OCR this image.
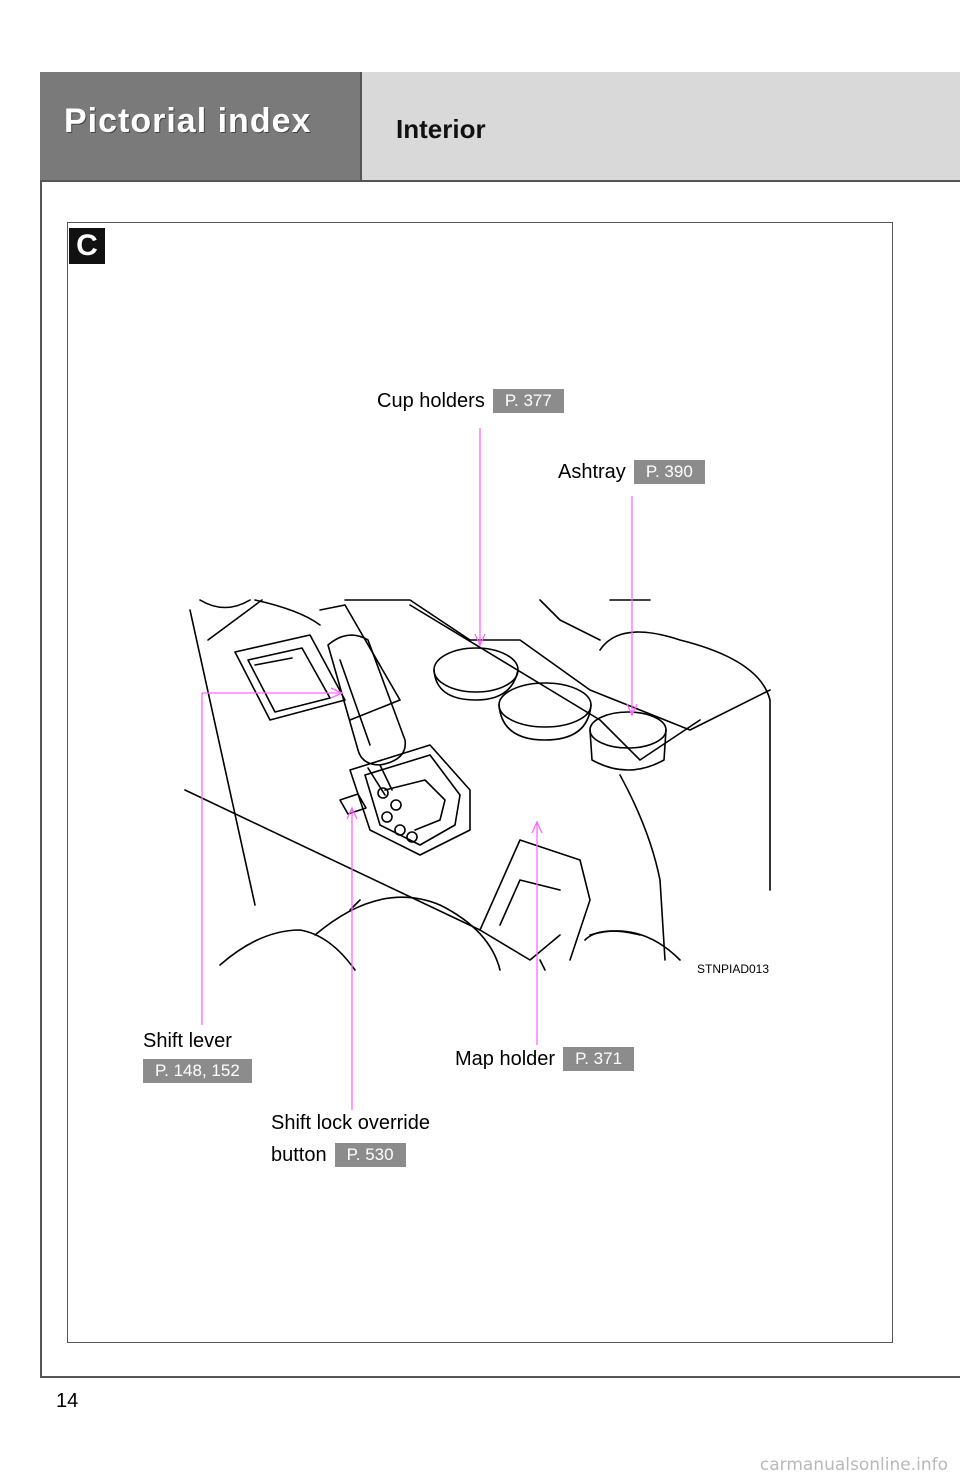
Pictorial index	Interior
C
Cup holders	P. 377
Ashtray	P. 390
Shift lever
P. 148, 152
Map holder	P. 371
Shift lock override
button	P. 530
STNPIAD013
14
carmanualsonline.info
